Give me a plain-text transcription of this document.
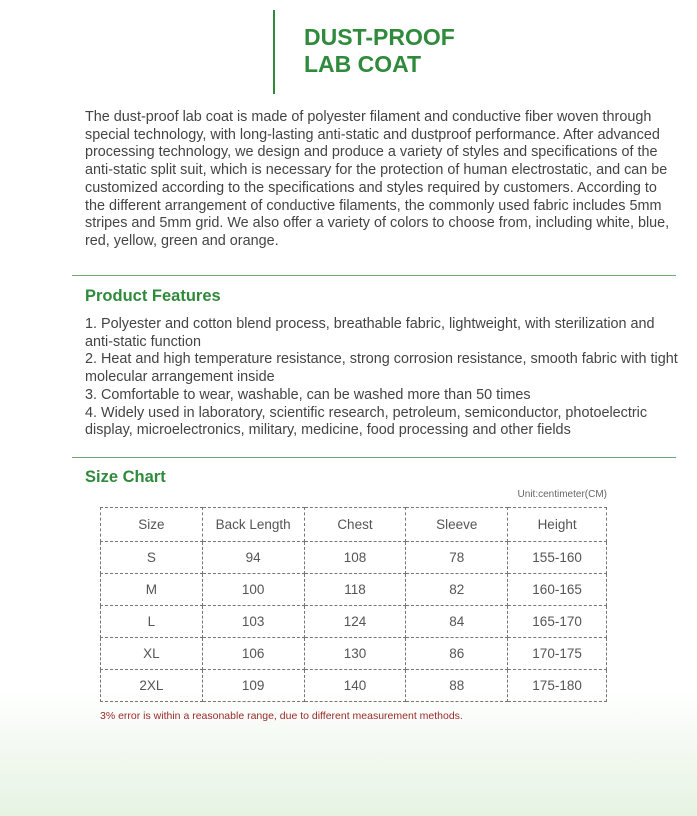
DUST-PROOF
LAB COAT

The dust-proof lab coat is made of polyester filament and conductive fiber woven through special technology, with long-lasting anti-static and dustproof performance. After advanced processing technology, we design and produce a variety of styles and specifications of the anti-static split suit, which is necessary for the protection of human electrostatic, and can be customized according to the specifications and styles required by customers. According to the different arrangement of conductive filaments, the commonly used fabric includes 5mm stripes and 5mm grid. We also offer a variety of colors to choose from, including white, blue, red, yellow, green and orange.

Product Features
1. Polyester and cotton blend process, breathable fabric, lightweight, with sterilization and anti-static function
2. Heat and high temperature resistance, strong corrosion resistance, smooth fabric with tight molecular arrangement inside
3. Comfortable to wear, washable, can be washed more than 50 times
4. Widely used in laboratory, scientific research, petroleum, semiconductor, photoelectric display, microelectronics, military, medicine, food processing and other fields
Size Chart
Unit:centimeter(CM)
Size	Back Length	Chest	Sleeve	Height
S	94	108	78	155-160
M	100	118	82	160-165
L	103	124	84	165-170
XL	106	130	86	170-175
2XL	109	140	88	175-180

3% error is within a reasonable range, due to different measurement methods.
